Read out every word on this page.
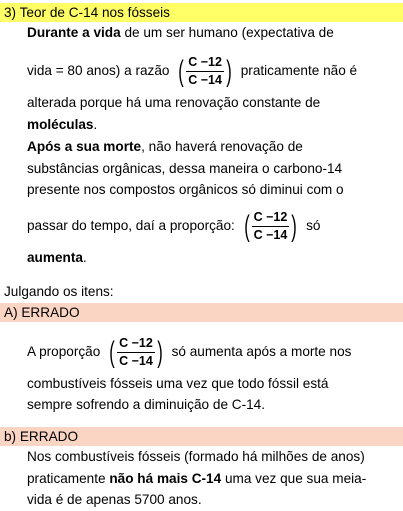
3) Teor de C-14 nos fósseis
Durante a vida de um ser humano (expectativa de
vida = 80 anos) a razão ( $\frac{C -12}{C -14}$ ) praticamente não é
alterada porque há uma renovação constante de
moléculas.
Após a sua morte, não haverá renovação de
substâncias orgânicas, dessa maneira o carbono-14
presente nos compostos orgânicos só diminui com o
passar do tempo, daí a proporção: ( $\frac{C -12}{C -14}$ ) só
aumenta.
Julgando os itens:
A) ERRADO
A proporção ( $\frac{C -12}{C -14}$ ) só aumenta após a morte nos
combustíveis fósseis uma vez que todo fóssil está
sempre sofrendo a diminuição de C-14.
b) ERRADO
Nos combustíveis fósseis (formado há milhões de anos)
praticamente não há mais C-14 uma vez que sua meia-
vida é de apenas 5700 anos.
